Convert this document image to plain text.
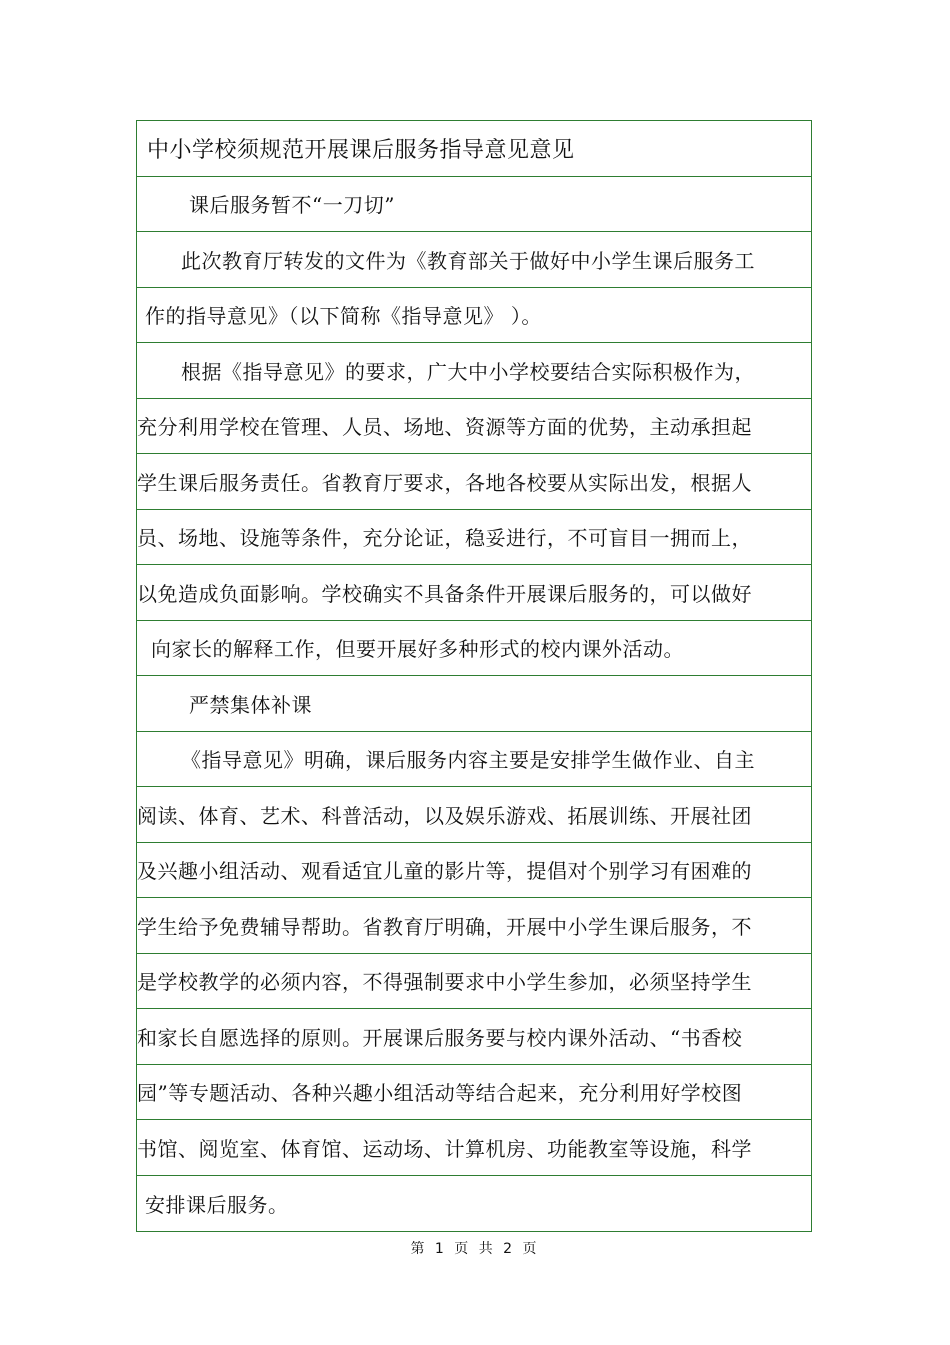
中小学校须规范开展课后服务指导意见意见
课后服务暂不“一刀切”
此次教育厅转发的文件为《教育部关于做好中小学生课后服务工
作的指导意见》（以下简称《指导意见》 ）。
根据《指导意见》的要求，广大中小学校要结合实际积极作为，
充分利用学校在管理、人员、场地、资源等方面的优势，主动承担起
学生课后服务责任。省教育厅要求，各地各校要从实际出发，根据人
员、场地、设施等条件，充分论证，稳妥进行，不可盲目一拥而上，
以免造成负面影响。学校确实不具备条件开展课后服务的，可以做好
向家长的解释工作，但要开展好多种形式的校内课外活动。
严禁集体补课
《指导意见》明确，课后服务内容主要是安排学生做作业、自主
阅读、体育、艺术、科普活动，以及娱乐游戏、拓展训练、开展社团
及兴趣小组活动、观看适宜儿童的影片等，提倡对个别学习有困难的
学生给予免费辅导帮助。省教育厅明确，开展中小学生课后服务，不
是学校教学的必须内容，不得强制要求中小学生参加，必须坚持学生
和家长自愿选择的原则。开展课后服务要与校内课外活动、“书香校
园”等专题活动、各种兴趣小组活动等结合起来，充分利用好学校图
书馆、阅览室、体育馆、运动场、计算机房、功能教室等设施，科学
安排课后服务。
第 1 页 共 2 页
